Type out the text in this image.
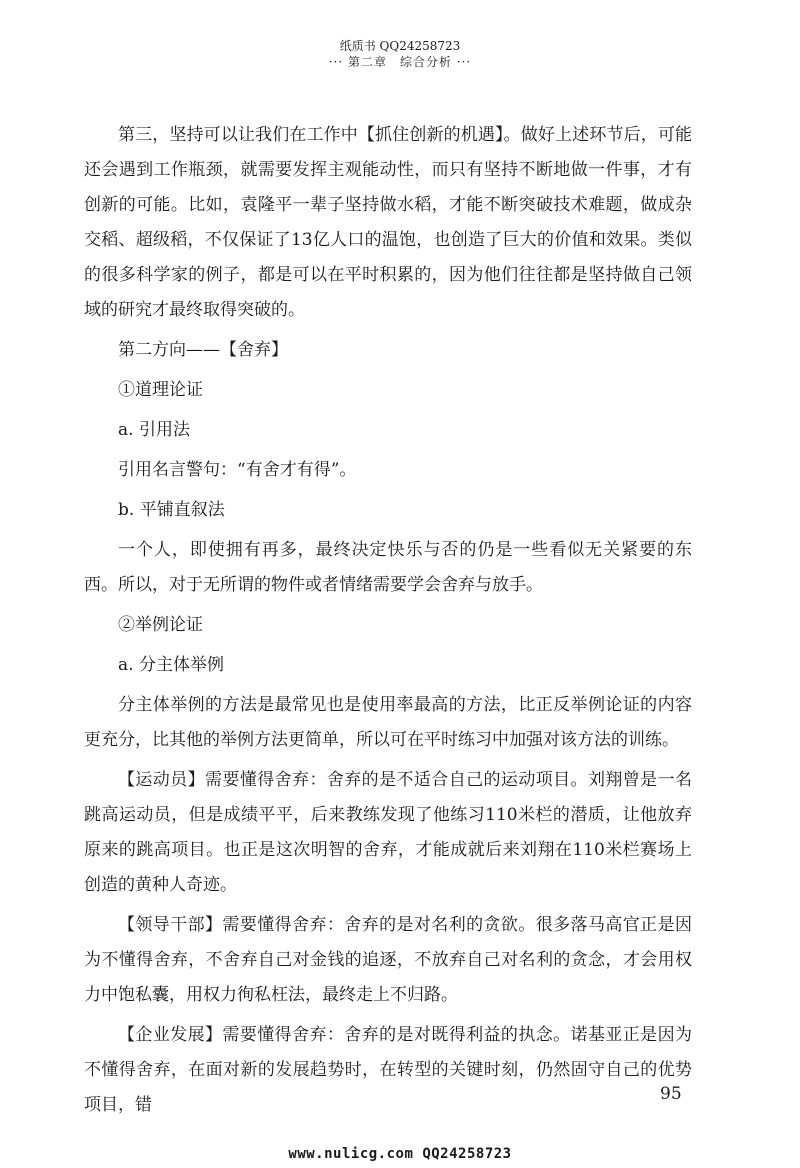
纸质书 QQ24258723
··· 第二章　综合分析 ···

第三，坚持可以让我们在工作中【抓住创新的机遇】。做好上述环节后，可能还会遇到工作瓶颈，就需要发挥主观能动性，而只有坚持不断地做一件事，才有创新的可能。比如，袁隆平一辈子坚持做水稻，才能不断突破技术难题，做成杂交稻、超级稻，不仅保证了13亿人口的温饱，也创造了巨大的价值和效果。类似的很多科学家的例子，都是可以在平时积累的，因为他们往往都是坚持做自己领域的研究才最终取得突破的。

第二方向——【舍弃】

①道理论证

a. 引用法

引用名言警句：“有舍才有得”。

b. 平铺直叙法

一个人，即使拥有再多，最终决定快乐与否的仍是一些看似无关紧要的东西。所以，对于无所谓的物件或者情绪需要学会舍弃与放手。

②举例论证

a. 分主体举例

分主体举例的方法是最常见也是使用率最高的方法，比正反举例论证的内容更充分，比其他的举例方法更简单，所以可在平时练习中加强对该方法的训练。

【运动员】需要懂得舍弃：舍弃的是不适合自己的运动项目。刘翔曾是一名跳高运动员，但是成绩平平，后来教练发现了他练习110米栏的潜质，让他放弃原来的跳高项目。也正是这次明智的舍弃，才能成就后来刘翔在110米栏赛场上创造的黄种人奇迹。

【领导干部】需要懂得舍弃：舍弃的是对名利的贪欲。很多落马高官正是因为不懂得舍弃，不舍弃自己对金钱的追逐，不放弃自己对名利的贪念，才会用权力中饱私囊，用权力徇私枉法，最终走上不归路。

【企业发展】需要懂得舍弃：舍弃的是对既得利益的执念。诺基亚正是因为不懂得舍弃，在面对新的发展趋势时，在转型的关键时刻，仍然固守自己的优势项目，错

95
www.nulicg.com QQ24258723
